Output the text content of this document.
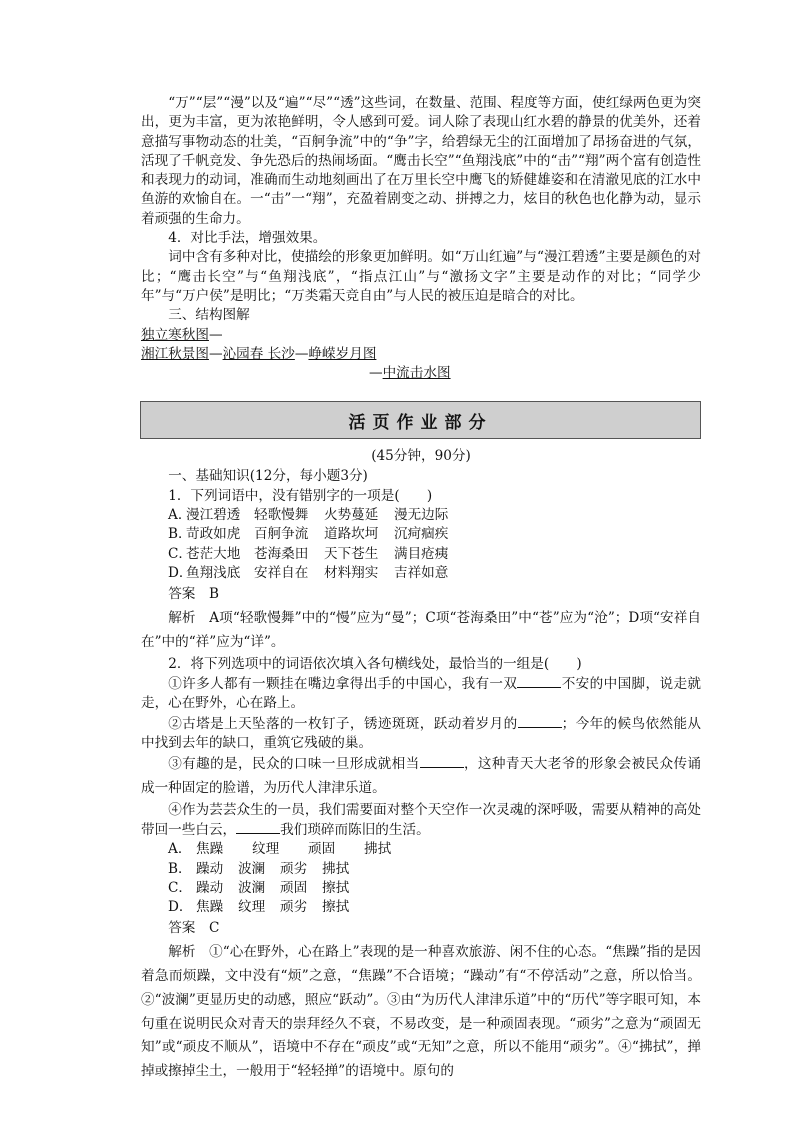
“万”“层”“漫”以及“遍”“尽”“透”这些词，在数量、范围、程度等方面，使红绿两色更为突出，更为丰富，更为浓艳鲜明，令人感到可爱。词人除了表现山红水碧的静景的优美外，还着意描写事物动态的壮美，“百舸争流”中的“争”字，给碧绿无尘的江面增加了昂扬奋进的气氛，活现了千帆竞发、争先恐后的热闹场面。“鹰击长空”“鱼翔浅底”中的“击”“翔”两个富有创造性和表现力的动词，准确而生动地刻画出了在万里长空中鹰飞的矫健雄姿和在清澈见底的江水中鱼游的欢愉自在。一“击”一“翔”，充盈着剧变之动、拼搏之力，炫目的秋色也化静为动，显示着顽强的生命力。

4．对比手法，增强效果。

词中含有多种对比，使描绘的形象更加鲜明。如“万山红遍”与“漫江碧透”主要是颜色的对比；“鹰击长空”与“鱼翔浅底”，“指点江山”与“激扬文字”主要是动作的对比；“同学少年”与“万户侯”是明比；“万类霜天竞自由”与人民的被压迫是暗合的对比。

三、结构图解

独立寒秋图—
湘江秋景图—沁园春 长沙—峥嵘岁月图
—中流击水图
活页作业部分

(45分钟，90分)

一、基础知识(12分，每小题3分)

1．下列词语中，没有错别字的一项是(　　)

A．漫江碧透 轻歌慢舞 火势蔓延 漫无边际
B．苛政如虎 百舸争流 道路坎坷 沉疴痼疾
C．苍茫大地 苍海桑田 天下苍生 满目疮痍
D．鱼翔浅底 安祥自在 材料翔实 吉祥如意

答案　 B

解析　 A项“轻歌慢舞”中的“慢”应为“曼”；C项“苍海桑田”中“苍”应为“沧”；D项“安祥自在”中的“祥”应为“详”。

2．将下列选项中的词语依次填入各句横线处，最恰当的一组是(　　)

①许多人都有一颗挂在嘴边拿得出手的中国心，我有一双	不安的中国脚，说走就走，心在野外，心在路上。

②古塔是上天坠落的一枚钉子，锈迹斑斑，跃动着岁月的	；今年的候鸟依然能从中找到去年的缺口，重筑它残破的巢。

③有趣的是，民众的口味一旦形成就相当	，这种青天大老爷的形象会被民众传诵成一种固定的脸谱，为历代人津津乐道。

④作为芸芸众生的一员，我们需要面对整个天空作一次灵魂的深呼吸，需要从精神的高处带回一些白云，	我们琐碎而陈旧的生活。

A． 焦躁 纹理 顽固 拂拭
B． 躁动 波澜 顽劣 拂拭
C． 躁动 波澜 顽固 擦拭
D． 焦躁 纹理 顽劣 擦拭

答案　 C

解析　 ①“心在野外，心在路上”表现的是一种喜欢旅游、闲不住的心态。“焦躁”指的是因着急而烦躁，文中没有“烦”之意，“焦躁”不合语境；“躁动”有“不停活动”之意，所以恰当。②“波澜”更显历史的动感，照应“跃动”。③由“为历代人津津乐道”中的“历代”等字眼可知，本句重在说明民众对青天的崇拜经久不衰，不易改变，是一种顽固表现。“顽劣”之意为“顽固无知”或“顽皮不顺从”，语境中不存在“顽皮”或“无知”之意，所以不能用“顽劣”。④“拂拭”，掸掉或擦掉尘土，一般用于“轻轻掸”的语境中。原句的
